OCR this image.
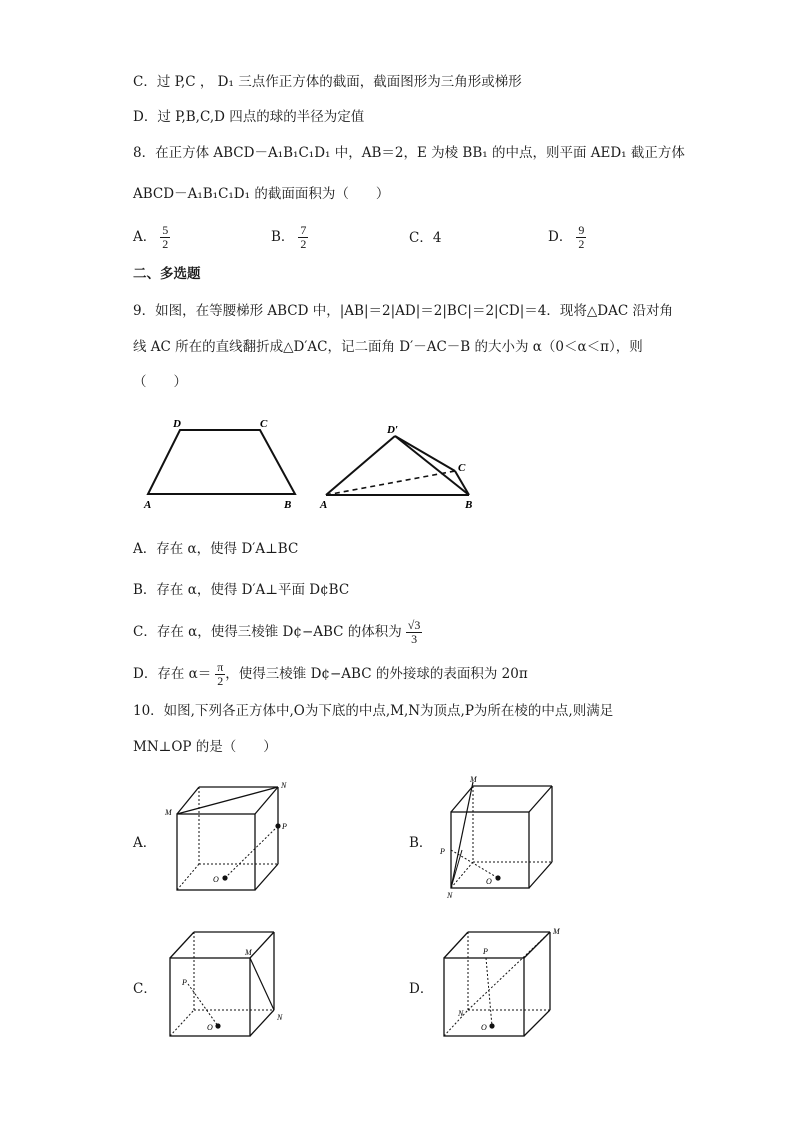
C．过 P,C ， D₁ 三点作正方体的截面，截面图形为三角形或梯形
D．过 P,B,C,D 四点的球的半径为定值
8．在正方体 ABCD－A₁B₁C₁D₁ 中，AB＝2，E 为棱 BB₁ 的中点，则平面 AED₁ 截正方体
ABCD－A₁B₁C₁D₁ 的截面面积为（　　）
A． $\frac{5}{2}$	B． $\frac{7}{2}$	C．4	D． $\frac{9}{2}$
二、多选题
9．如图，在等腰梯形 ABCD 中，|AB|＝2|AD|＝2|BC|＝2|CD|＝4．现将△DAC 沿对角
线 AC 所在的直线翻折成△D′AC，记二面角 D′－AC－B 的大小为 α（0＜α＜π），则
（　　）
D	C
A	B
D′
C
A	B
A．存在 α，使得 D′A⊥BC
B．存在 α，使得 D′A⊥平面 D¢BC
C．存在 α，使得三棱锥 D¢−ABC 的体积为 $\frac{√3}{3}$
D．存在 $\alpha= \frac{\pi}{2}$ ，使得三棱锥 D¢−ABC 的外接球的表面积为 20π
10．如图,下列各正方体中,O为下底的中点,M,N为顶点,P为所在棱的中点,则满足
MN⊥OP 的是（　　）
A．
M
N
P
O
B．
M
N
P
O
C．
M
N
P
O
D．
M
N
P
O
